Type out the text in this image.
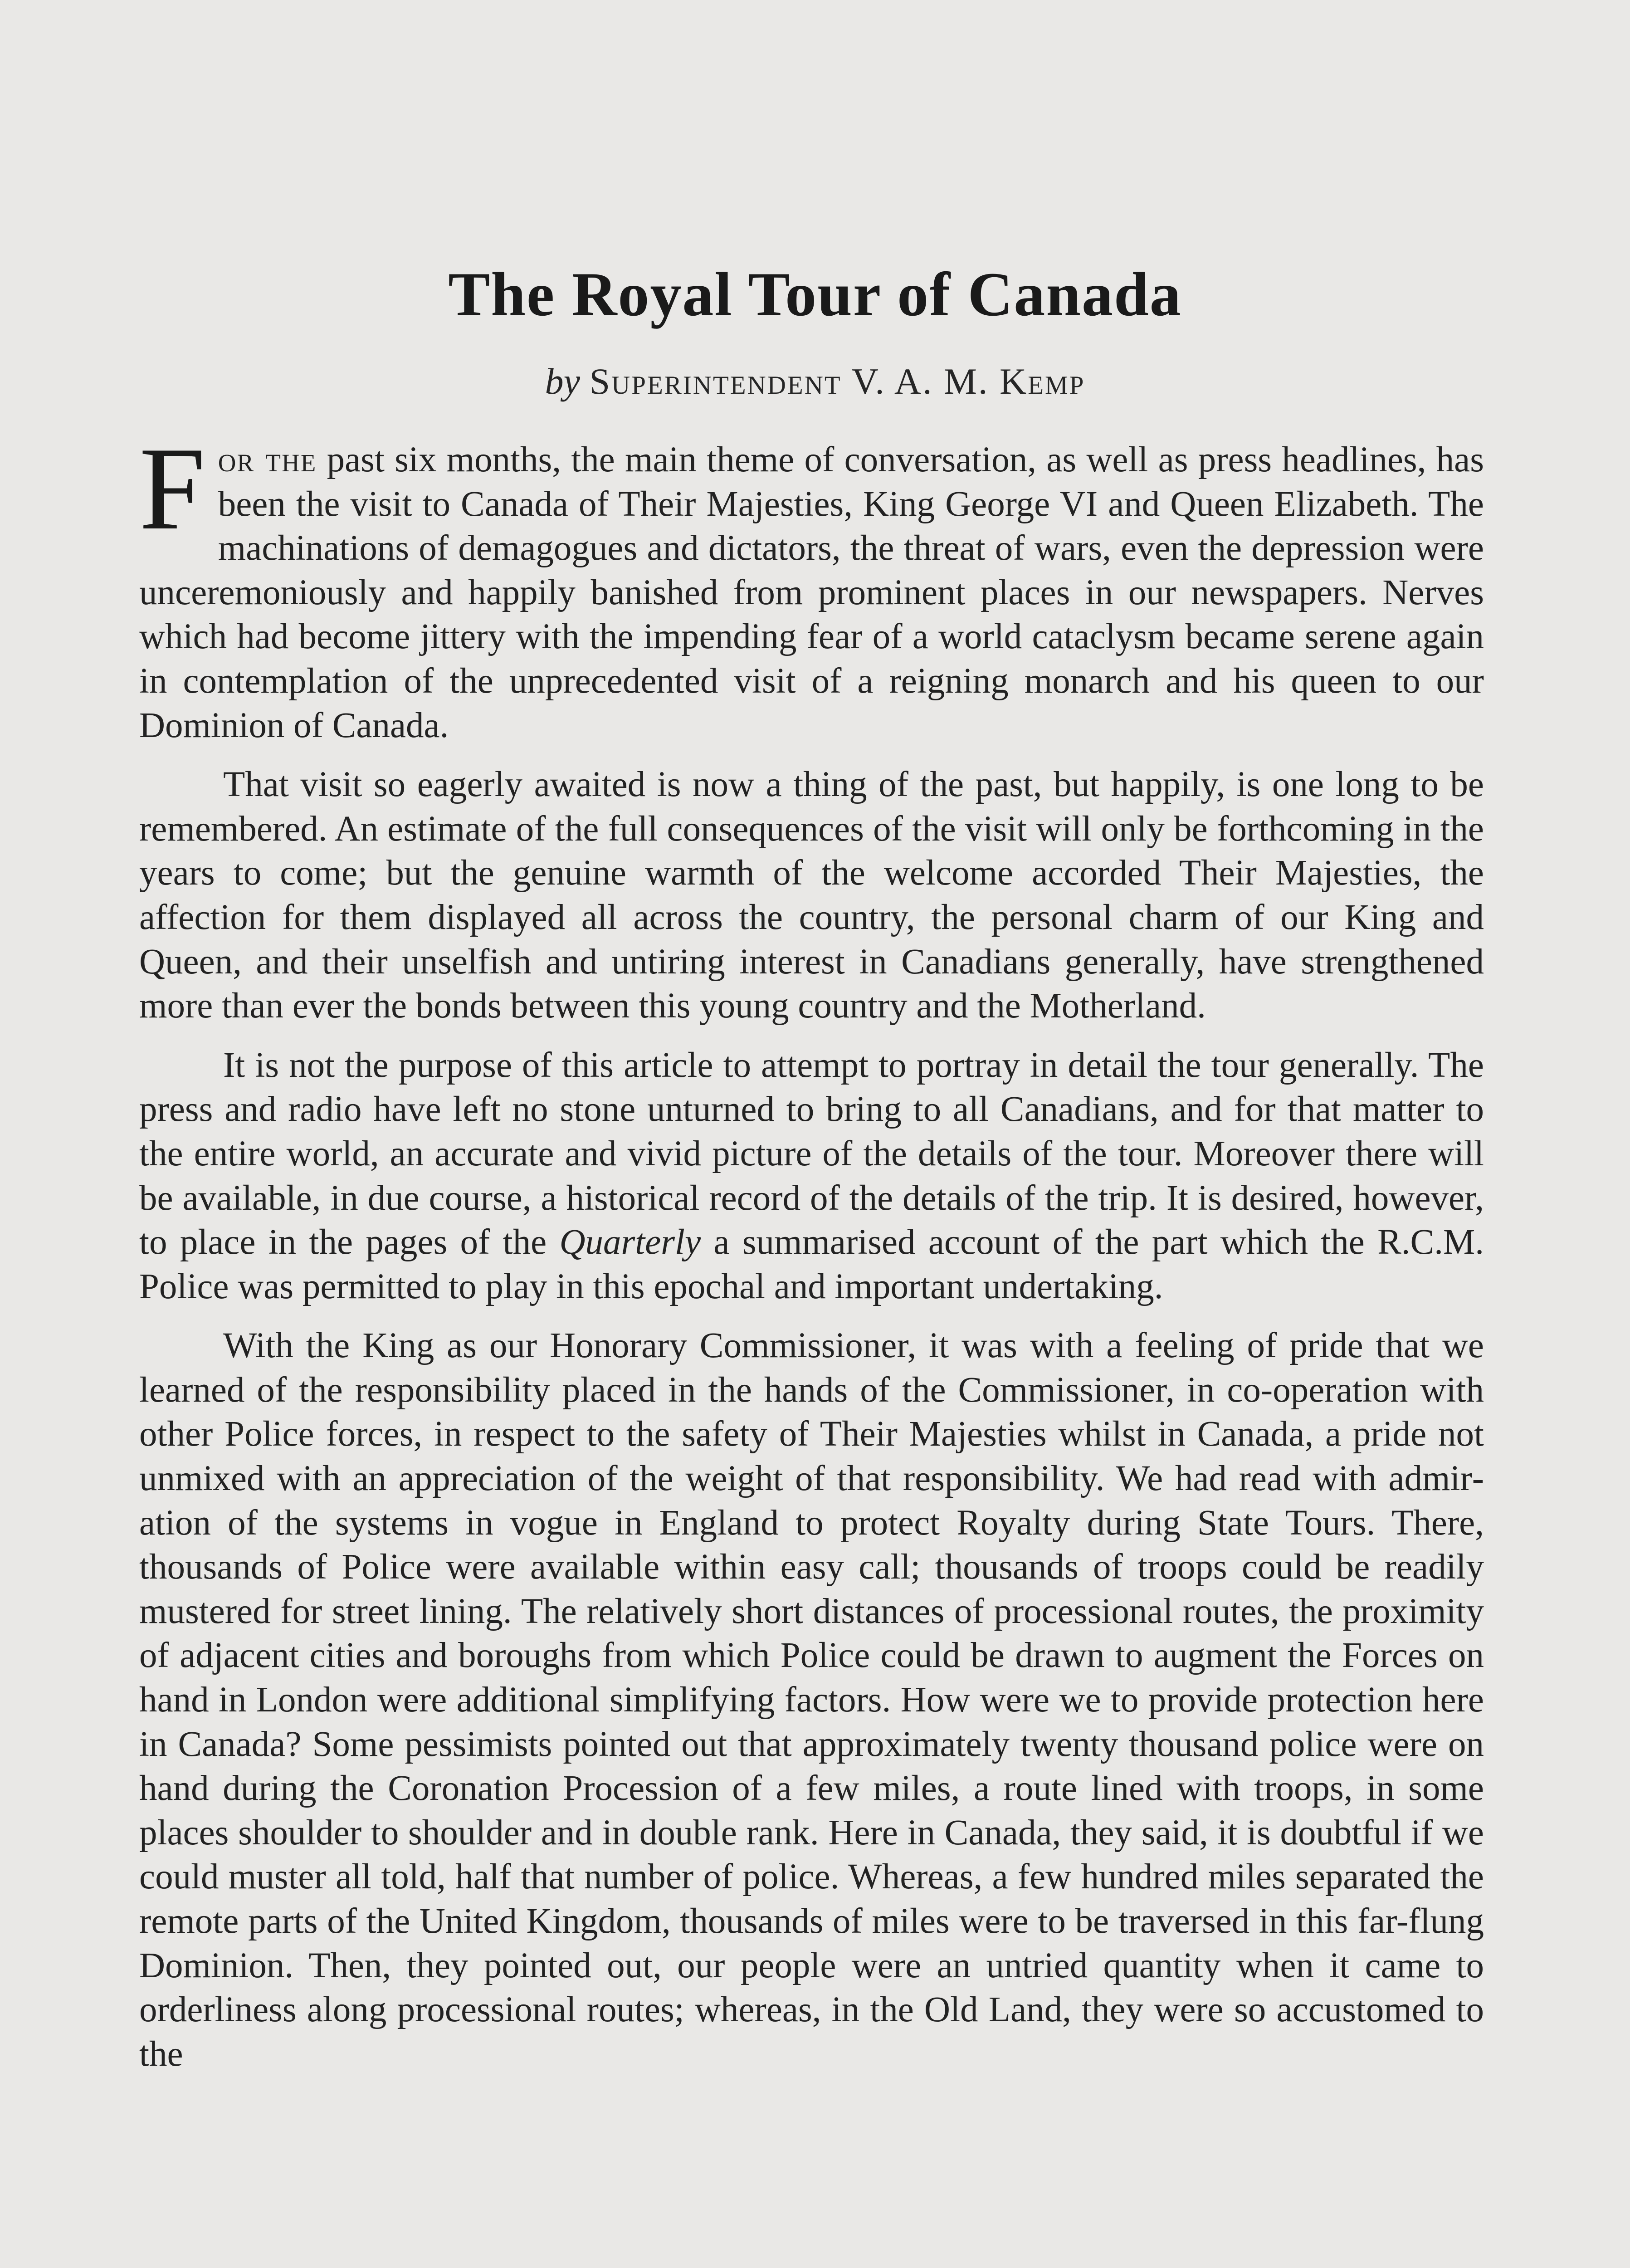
The Royal Tour of Canada
by Superintendent V. A. M. Kemp

For the past six months, the main theme of conversation, as well as press headlines, has been the visit to Canada of Their Majesties, King George VI and Queen Elizabeth. The machinations of demagogues and dictators, the threat of wars, even the depression were unceremoniously and happily banished from prominent places in our newspapers. Nerves which had become jittery with the impending fear of a world cataclysm became serene again in contemplation of the unprecedented visit of a reigning monarch and his queen to our Dominion of Canada.

That visit so eagerly awaited is now a thing of the past, but happily, is one long to be remembered. An estimate of the full consequences of the visit will only be forthcoming in the years to come; but the genuine warmth of the welcome accorded Their Majesties, the affection for them displayed all across the country, the personal charm of our King and Queen, and their unselfish and untiring interest in Canadians generally, have strengthened more than ever the bonds between this young country and the Motherland.

It is not the purpose of this article to attempt to portray in detail the tour generally. The press and radio have left no stone unturned to bring to all Canadians, and for that matter to the entire world, an accurate and vivid picture of the details of the tour. Moreover there will be available, in due course, a historical record of the details of the trip. It is desired, however, to place in the pages of the Quarterly a summarised account of the part which the R.C.M. Police was permitted to play in this epochal and important undertaking.

With the King as our Honorary Commissioner, it was with a feeling of pride that we learned of the responsibility placed in the hands of the Commissioner, in co-operation with other Police forces, in respect to the safety of Their Majesties whilst in Canada, a pride not unmixed with an appreciation of the weight of that responsibility. We had read with admiration of the systems in vogue in England to protect Royalty during State Tours. There, thousands of Police were available within easy call; thousands of troops could be readily mustered for street lining. The relatively short distances of processional routes, the proximity of adjacent cities and boroughs from which Police could be drawn to augment the Forces on hand in London were additional simplifying factors. How were we to provide protection here in Canada? Some pessimists pointed out that approximately twenty thousand police were on hand during the Coronation Procession of a few miles, a route lined with troops, in some places shoulder to shoulder and in double rank. Here in Canada, they said, it is doubtful if we could muster all told, half that number of police. Whereas, a few hundred miles separated the remote parts of the United Kingdom, thousands of miles were to be traversed in this far-flung Dominion. Then, they pointed out, our people were an untried quantity when it came to orderliness along processional routes; whereas, in the Old Land, they were so accustomed to the
